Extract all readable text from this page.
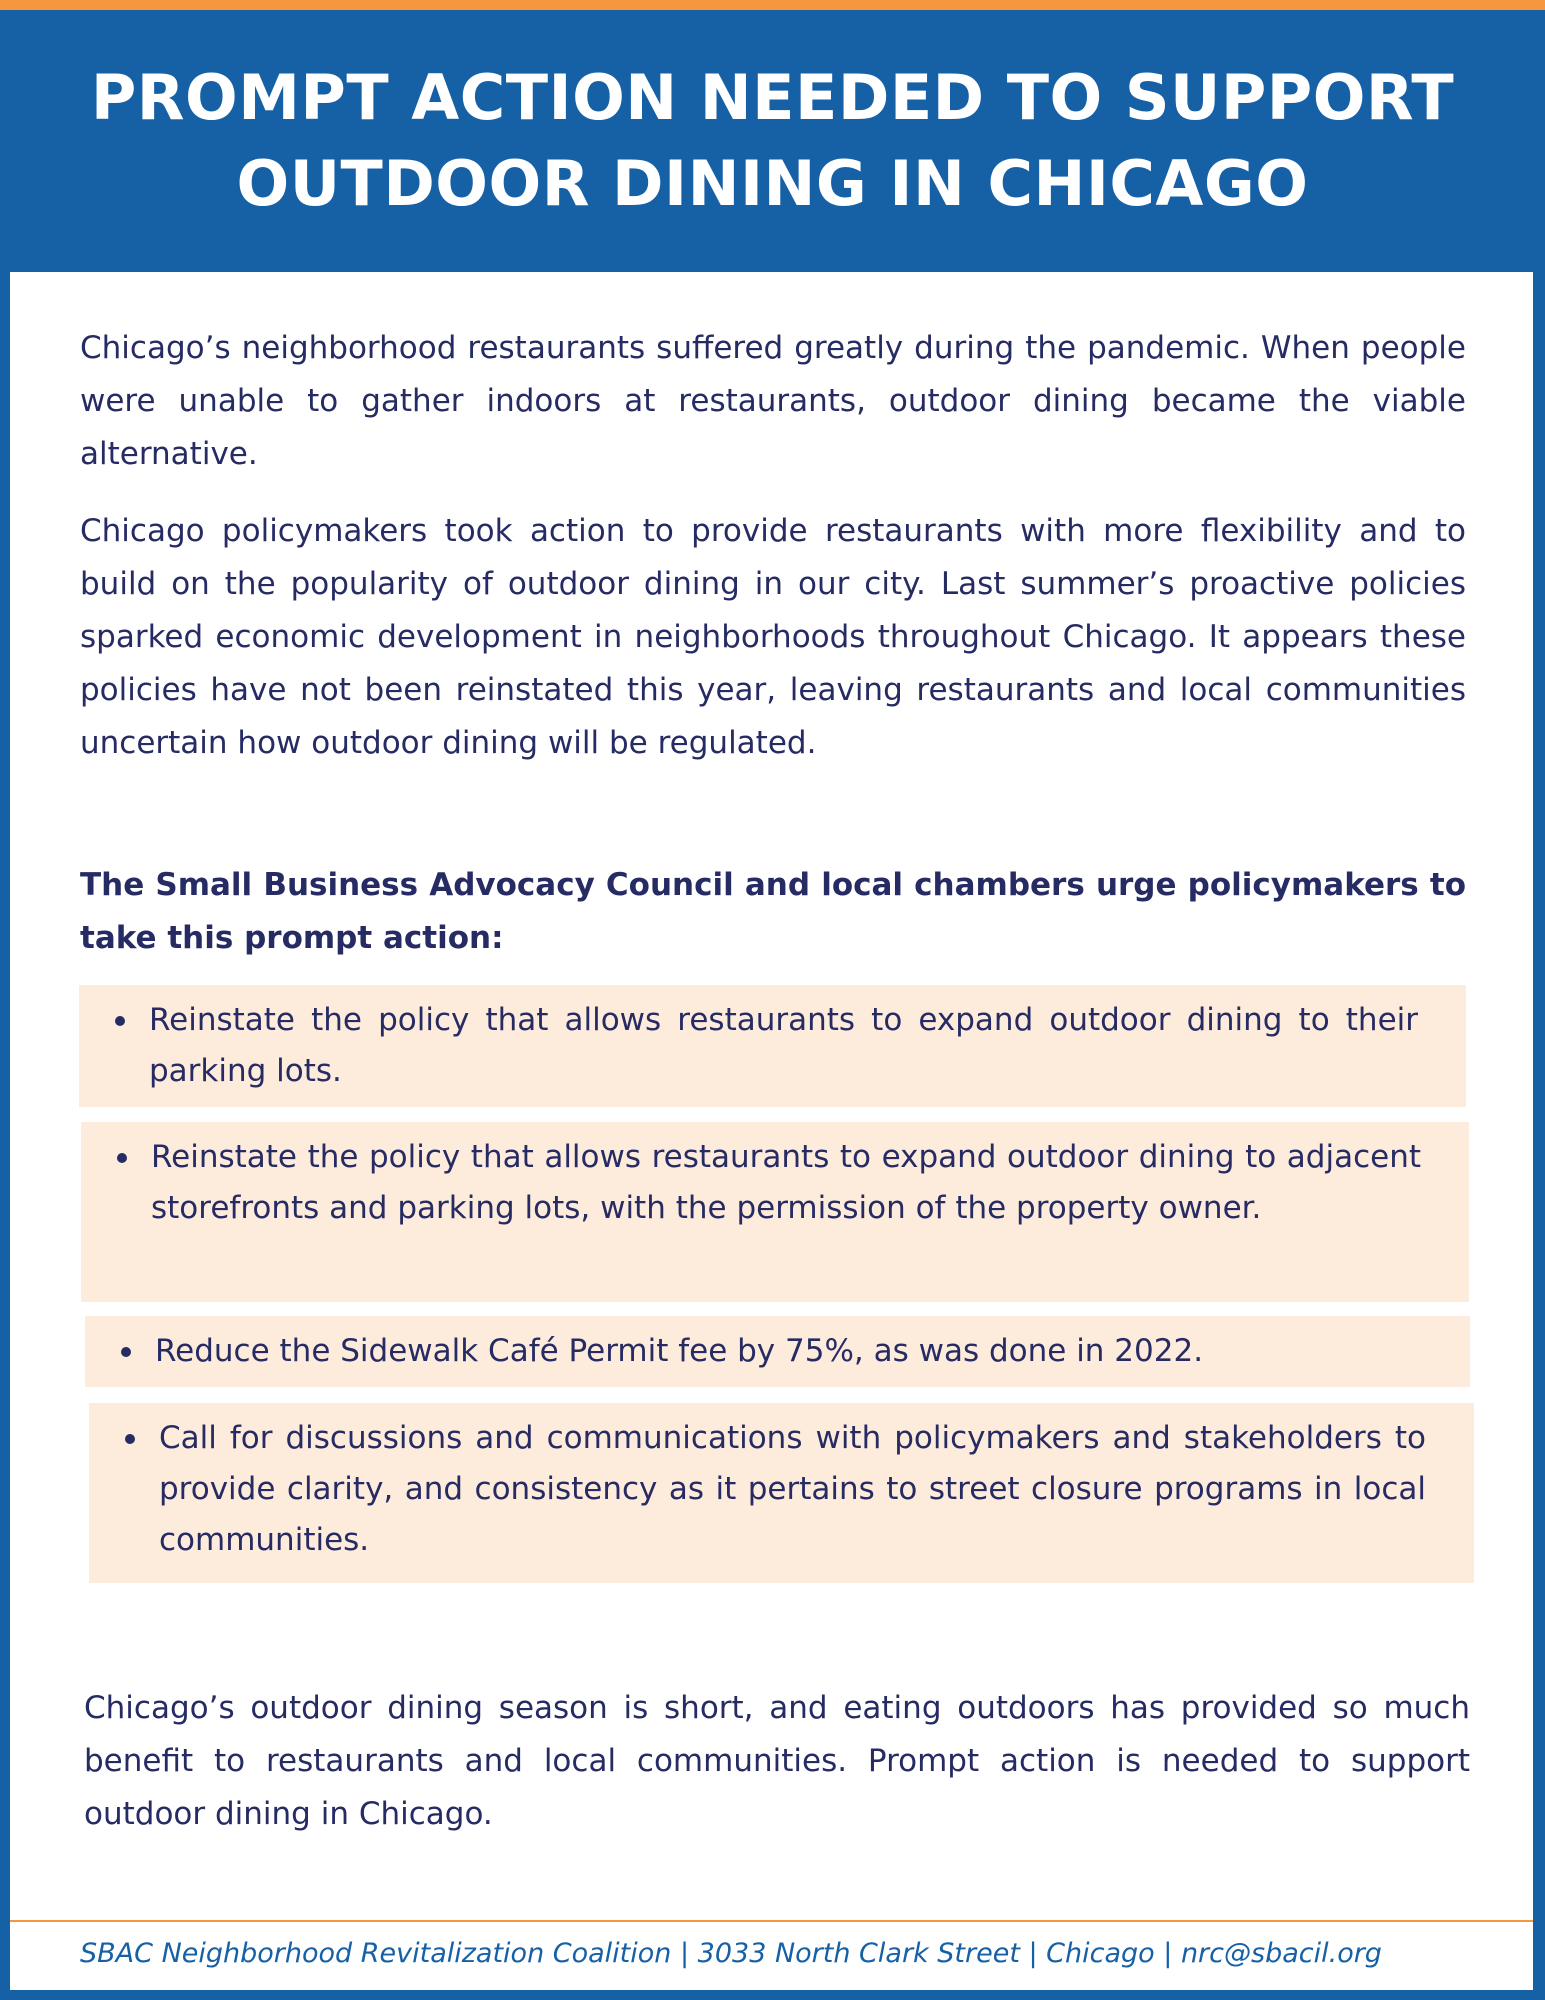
PROMPT ACTION NEEDED TO SUPPORT OUTDOOR DINING IN CHICAGO

Chicago’s neighborhood restaurants suffered greatly during the pandemic. When people were unable to gather indoors at restaurants, outdoor dining became the viable alternative.

Chicago policymakers took action to provide restaurants with more flexibility and to build on the popularity of outdoor dining in our city. Last summer’s proactive policies sparked economic development in neighborhoods throughout Chicago. It appears these policies have not been reinstated this year, leaving restaurants and local communities uncertain how outdoor dining will be regulated.

The Small Business Advocacy Council and local chambers urge policymakers to take this prompt action:

Reinstate the policy that allows restaurants to expand outdoor dining to their parking lots.
Reinstate the policy that allows restaurants to expand outdoor dining to adjacent storefronts and parking lots, with the permission of the property owner.
Reduce the Sidewalk Café Permit fee by 75%, as was done in 2022.
Call for discussions and communications with policymakers and stakeholders to provide clarity, and consistency as it pertains to street closure programs in local communities.

Chicago’s outdoor dining season is short, and eating outdoors has provided so much benefit to restaurants and local communities. Prompt action is needed to support outdoor dining in Chicago.

SBAC Neighborhood Revitalization Coalition | 3033 North Clark Street | Chicago | nrc@sbacil.org
